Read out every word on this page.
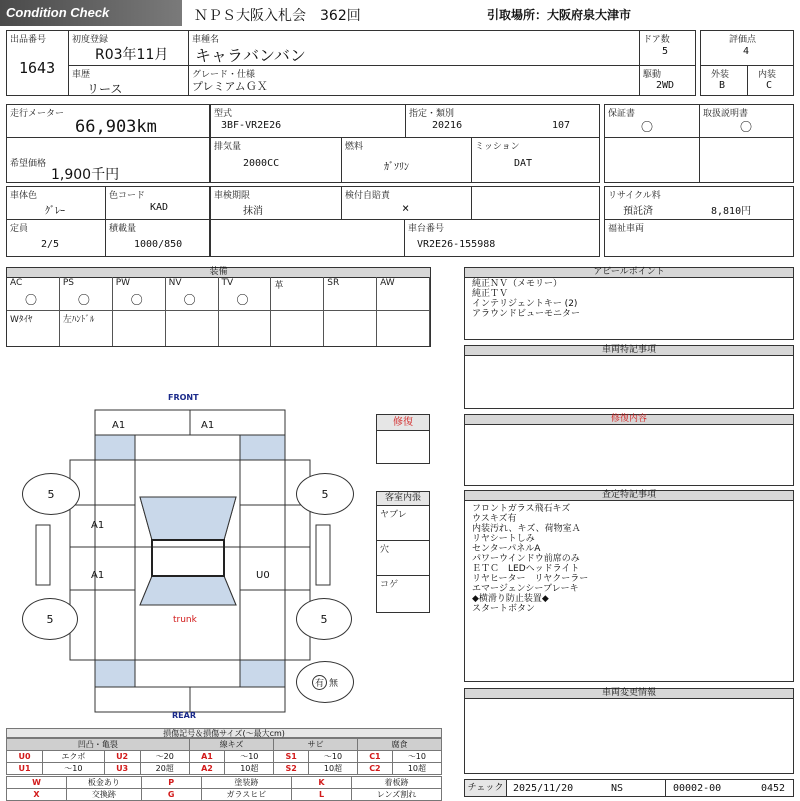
Condition Check	ＮＰＳ大阪入札会　362回	引取場所：大阪府泉大津市
出品番号
1643
初度登録
R03年11月
車種名
キャラバンバン
ドア数
5
評価点
4
車歴
リース
グレード・仕様
プレミアムＧＸ
駆動
2WD
外装
B
内装
C
走行メーター
66,903km
型式
3BF-VR2E26
指定・類別
20216	107
保証書
〇
取扱説明書
〇
希望価格
1,900千円
排気量
2000CC
燃料
ｶﾞｿﾘﾝ
ミッション
DAT
車体色
ｸﾞﾚｰ
色コード
KAD
車検期限
抹消
検付自賠責
×
リサイクル料
預託済	8,810円
定員
2/5
積載量
1000/850
車台番号
VR2E26-155988
福祉車両
装備
AC
〇
PS
〇
PW
〇
NV
〇
TV
〇
革	SR	AW
Wﾀｲﾔ	左ﾊﾝﾄﾞﾙ
アピールポイント
純正ＮＶ（メモリー）
純正ＴＶ
インテリジェントキー (2)
アラウンドビューモニター
車両特記事項
修復内容
査定特記事項
フロントガラス飛石キズ
ウスキズ有
内装汚れ、キズ、荷物室Ａ
リヤシートしみ
センターパネルA
パワーウインドウ前席のみ
ＥＴＣ　LEDヘッドライト
リヤヒーター　リヤクーラー
エマージェンシーブレーキ
◆横滑り防止装置◆
スタートボタン
車両変更情報
修復
客室内張
ヤブレ
穴
コゲ
FRONT
REAR
trunk
A1	A1
A1
A1	U0
5	5
5	5
有 無
損傷記号＆損傷サイズ(～最大cm)
凹凸・亀裂				線キズ		サビ		腐食	
U0	エクボ	U2	～20	A1	～10	S1	～10	C1	～10
U1	～10	U3	20超	A2	10超	S2	10超	C2	10超
W	板金あり	P	塗装跡	K	着板跡
X	交換跡	G	ガラスヒビ	L	レンズ割れ
チェック 2025/11/20	NS	00002-00	0452
